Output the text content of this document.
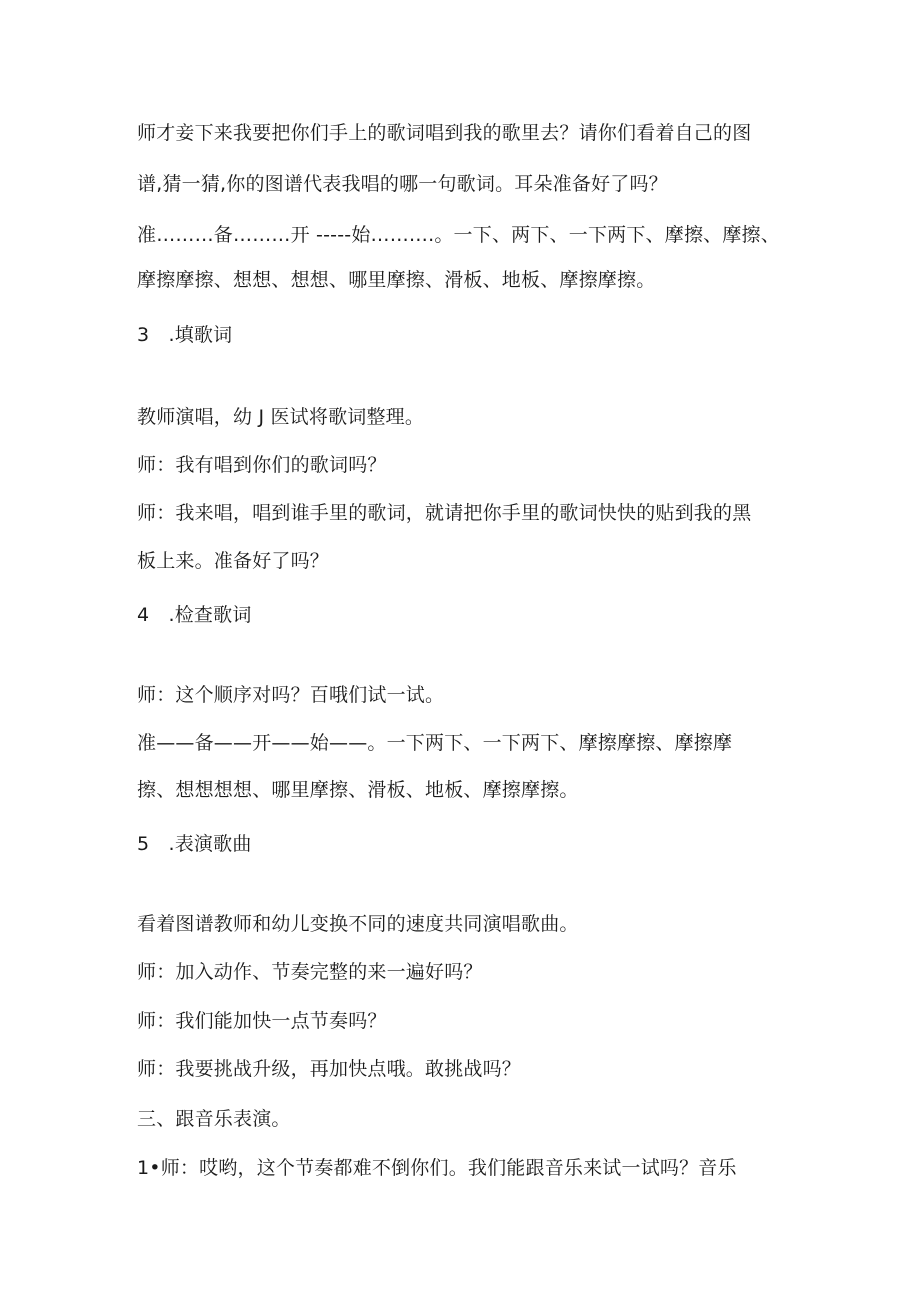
师才妾下来我要把你们手上的歌词唱到我的歌里去？请你们看着自己的图
谱,猜一猜,你的图谱代表我唱的哪一句歌词。耳朵准备好了吗？
准………备………开 -----始……….。一下、两下、一下两下、摩擦、摩擦、
摩擦摩擦、想想、想想、哪里摩擦、滑板、地板、摩擦摩擦。
3　.填歌词
教师演唱，幼 J 医试将歌词整理。
师：我有唱到你们的歌词吗？
师：我来唱，唱到谁手里的歌词，就请把你手里的歌词快快的贴到我的黑
板上来。准备好了吗？
4　.检查歌词
师：这个顺序对吗？百哦们试一试。
准——备——开——始——。一下两下、一下两下、摩擦摩擦、摩擦摩
擦、想想想想、哪里摩擦、滑板、地板、摩擦摩擦。
5　.表演歌曲
看着图谱教师和幼儿变换不同的速度共同演唱歌曲。
师：加入动作、节奏完整的来一遍好吗？
师：我们能加快一点节奏吗？
师：我要挑战升级，再加快点哦。敢挑战吗？
三、跟音乐表演。
1•师：哎哟，这个节奏都难不倒你们。我们能跟音乐来试一试吗？音乐
